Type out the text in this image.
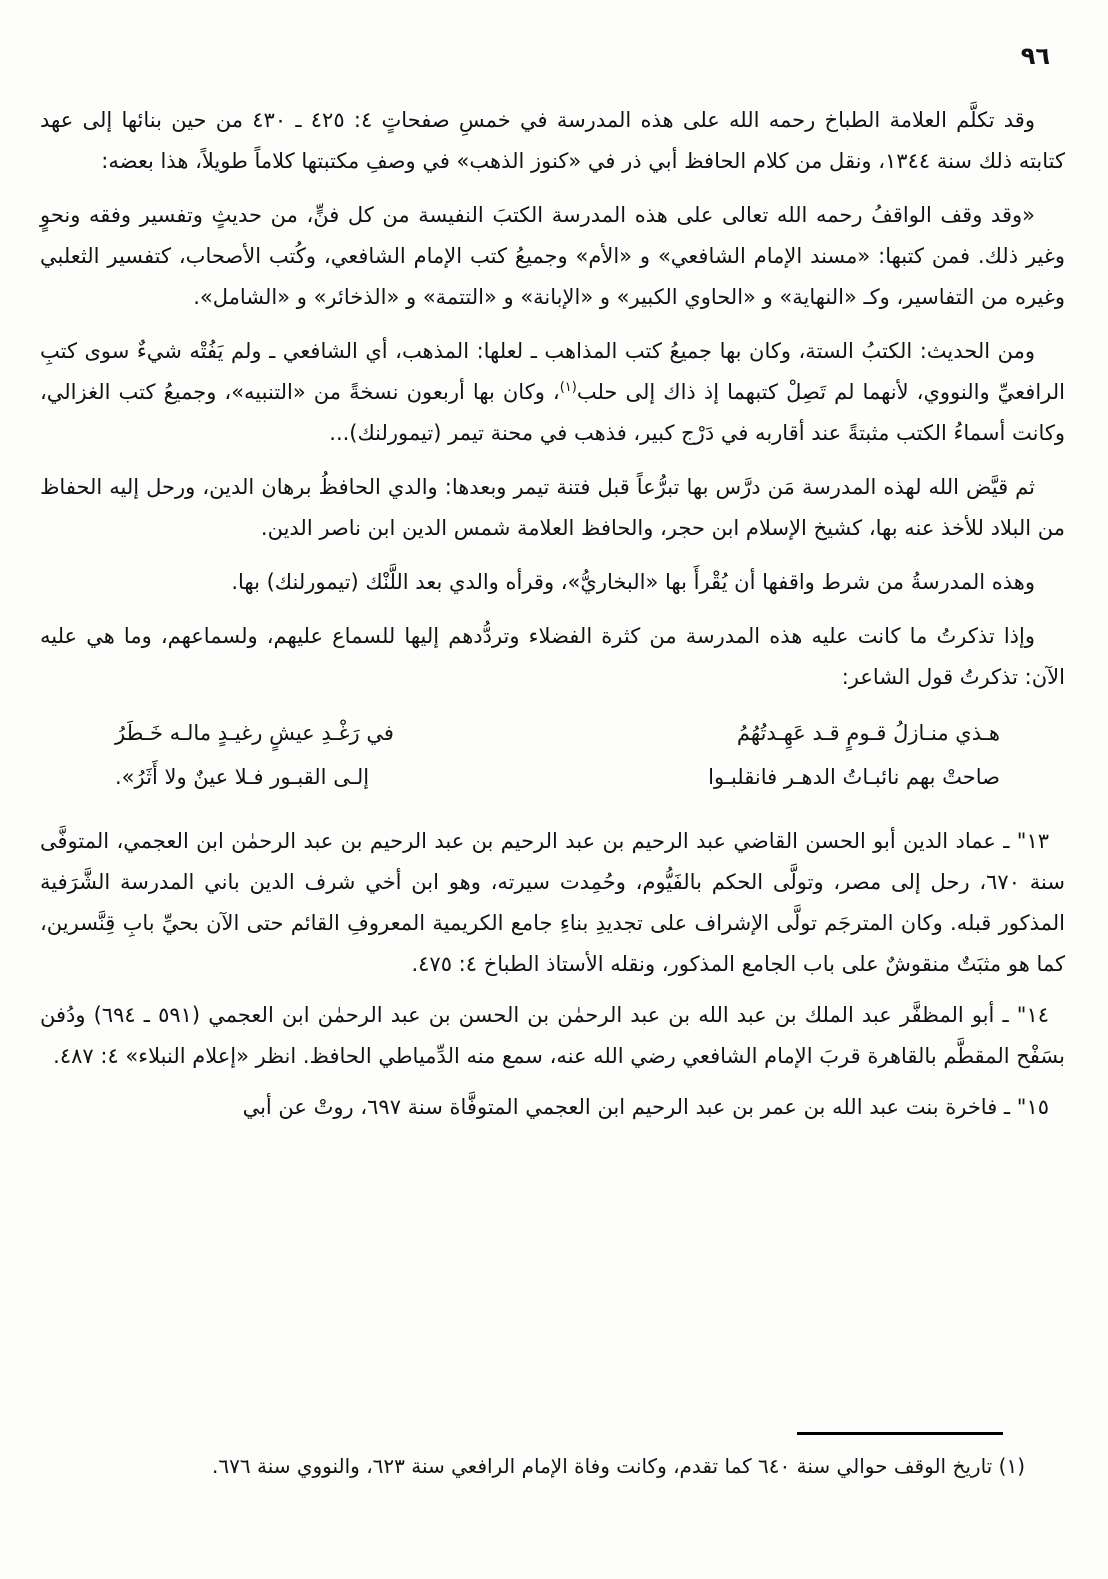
٩٦

وقد تكلَّم العلامة الطباخ رحمه الله على هذه المدرسة في خمسِ صفحاتٍ ٤: ٤٢٥ ـ ٤٣٠ من حين بنائها إلى عهد كتابته ذلك سنة ١٣٤٤، ونقل من كلام الحافظ أبي ذر في «كنوز الذهب» في وصفِ مكتبتها كلاماً طويلاً، هذا بعضه:

«وقد وقف الواقفُ رحمه الله تعالى على هذه المدرسة الكتبَ النفيسة من كل فنٍّ، من حديثٍ وتفسير وفقه ونحوٍ وغير ذلك. فمن كتبها: «مسند الإمام الشافعي» و «الأم» وجميعُ كتب الإمام الشافعي، وكُتب الأصحاب، كتفسير الثعلبي وغيره من التفاسير، وكـ «النهاية» و «الحاوي الكبير» و «الإبانة» و «التتمة» و «الذخائر» و «الشامل».

ومن الحديث: الكتبُ الستة، وكان بها جميعُ كتب المذاهب ـ لعلها: المذهب، أي الشافعي ـ ولم يَفُتْه شيءٌ سوى كتبِ الرافعيِّ والنووي، لأنهما لم تَصِلْ كتبهما إذ ذاك إلى حلب$^{(١)}$، وكان بها أربعون نسخةً من «التنبيه»، وجميعُ كتب الغزالي، وكانت أسماءُ الكتب مثبتةً عند أقاربه في دَرْج كبير، فذهب في محنة تيمر (تيمورلنك)...

ثم قيَّض الله لهذه المدرسة مَن درَّس بها تبرُّعاً قبل فتنة تيمر وبعدها: والدي الحافظُ برهان الدين، ورحل إليه الحفاظ من البلاد للأخذ عنه بها، كشيخ الإسلام ابن حجر، والحافظ العلامة شمس الدين ابن ناصر الدين.

وهذه المدرسةُ من شرط واقفها أن يُقْرأَ بها «البخاريُّ»، وقرأه والدي بعد اللَّنْك (تيمورلنك) بها.

وإذا تذكرتُ ما كانت عليه هذه المدرسة من كثرة الفضلاء وتردُّدهم إليها للسماع عليهم، ولسماعهم، وما هي عليه الآن: تذكرتُ قول الشاعر:

هـذي منـازلُ قـومٍ قـد عَهِـدتُهُمُ
في رَغْـدِ عيشٍ رغيـدٍ مالـه خَـطَرُ
صاحتْ بهم نائبـاتُ الدهـر فانقلبـوا
إلـى القبـور فـلا عينٌ ولا أَثَرُ».

١٣" ـ عماد الدين أبو الحسن القاضي عبد الرحيم بن عبد الرحيم بن عبد الرحيم بن عبد الرحمٰن ابن العجمي، المتوفَّى سنة ٦٧٠، رحل إلى مصر، وتولَّى الحكم بالفَيُّوم، وحُمِدت سيرته، وهو ابن أخي شرف الدين باني المدرسة الشَّرَفية المذكور قبله. وكان المترجَم تولَّى الإشراف على تجديدِ بناءِ جامع الكريمية المعروفِ القائم حتى الآن بحيِّ بابِ قِنَّسرين، كما هو مثبَتٌ منقوشٌ على باب الجامع المذكور، ونقله الأستاذ الطباخ ٤: ٤٧٥.

١٤" ـ أبو المظفَّر عبد الملك بن عبد الله بن عبد الرحمٰن بن الحسن بن عبد الرحمٰن ابن العجمي (٥٩١ ـ ٦٩٤) ودُفن بسَفْح المقطَّم بالقاهرة قربَ الإمام الشافعي رضي الله عنه، سمع منه الدِّمياطي الحافظ. انظر «إعلام النبلاء» ٤: ٤٨٧.

١٥" ـ فاخرة بنت عبد الله بن عمر بن عبد الرحيم ابن العجمي المتوفَّاة سنة ٦٩٧، روتْ عن أبي

(١) تاريخ الوقف حوالي سنة ٦٤٠ كما تقدم، وكانت وفاة الإمام الرافعي سنة ٦٢٣، والنووي سنة ٦٧٦.
